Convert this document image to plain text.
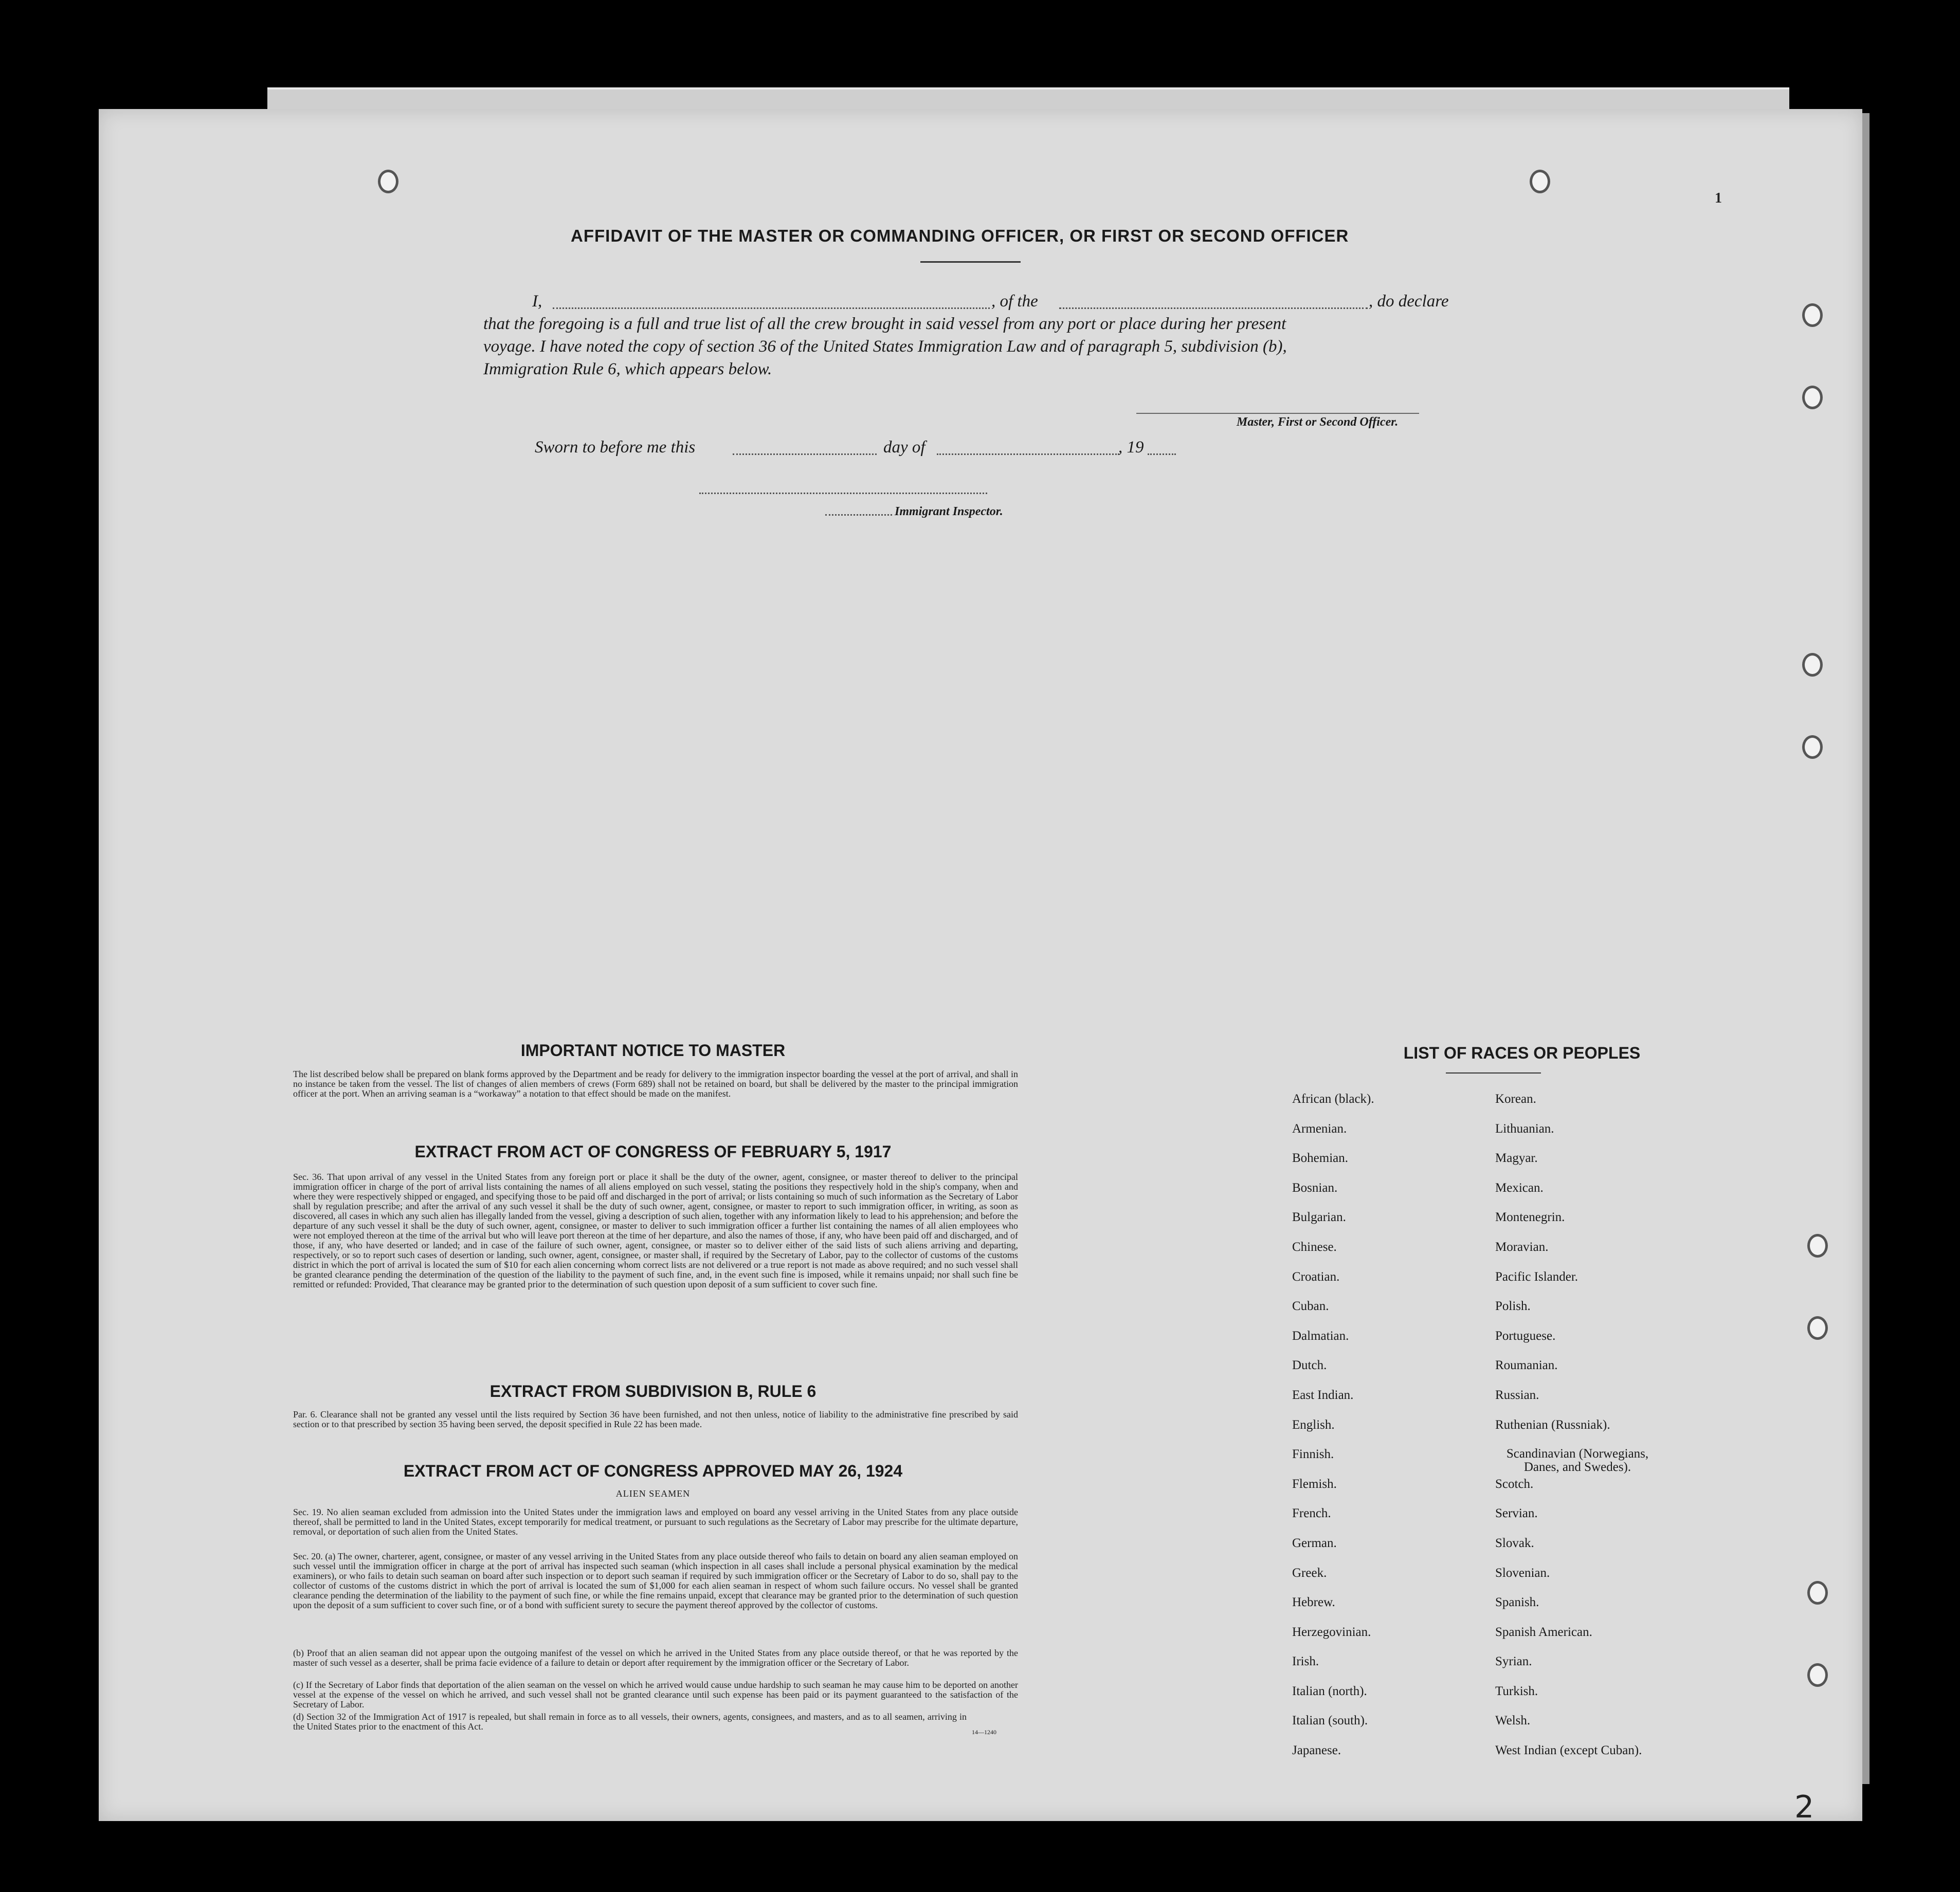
AFFIDAVIT OF THE MASTER OR COMMANDING OFFICER, OR FIRST OR SECOND OFFICER
I,	, of the	, do declare
that the foregoing is a full and true list of all the crew brought in said vessel from any port or place during her present
voyage. I have noted the copy of section 36 of the United States Immigration Law and of paragraph 5, subdivision (b),
Immigration Rule 6, which appears below.
Master, First or Second Officer.
Sworn to before me this	day of	, 19
Immigrant Inspector.
IMPORTANT NOTICE TO MASTER
The list described below shall be prepared on blank forms approved by the Department and be ready for delivery to the immigration inspector boarding the vessel at the port of arrival, and shall in no instance be taken from the vessel. The list of changes of alien members of crews (Form 689) shall not be retained on board, but shall be delivered by the master to the principal immigration officer at the port. When an arriving seaman is a “workaway” a notation to that effect should be made on the manifest.
EXTRACT FROM ACT OF CONGRESS OF FEBRUARY 5, 1917
Sec. 36. That upon arrival of any vessel in the United States from any foreign port or place it shall be the duty of the owner, agent, consignee, or master thereof to deliver to the principal immigration officer in charge of the port of arrival lists containing the names of all aliens employed on such vessel, stating the positions they respectively hold in the ship's company, when and where they were respectively shipped or engaged, and specifying those to be paid off and discharged in the port of arrival; or lists containing so much of such information as the Secretary of Labor shall by regulation prescribe; and after the arrival of any such vessel it shall be the duty of such owner, agent, consignee, or master to report to such immigration officer, in writing, as soon as discovered, all cases in which any such alien has illegally landed from the vessel, giving a description of such alien, together with any information likely to lead to his apprehension; and before the departure of any such vessel it shall be the duty of such owner, agent, consignee, or master to deliver to such immigration officer a further list containing the names of all alien employees who were not employed thereon at the time of the arrival but who will leave port thereon at the time of her departure, and also the names of those, if any, who have been paid off and discharged, and of those, if any, who have deserted or landed; and in case of the failure of such owner, agent, consignee, or master so to deliver either of the said lists of such aliens arriving and departing, respectively, or so to report such cases of desertion or landing, such owner, agent, consignee, or master shall, if required by the Secretary of Labor, pay to the collector of customs of the customs district in which the port of arrival is located the sum of $10 for each alien concerning whom correct lists are not delivered or a true report is not made as above required; and no such vessel shall be granted clearance pending the determination of the question of the liability to the payment of such fine, and, in the event such fine is imposed, while it remains unpaid; nor shall such fine be remitted or refunded: Provided, That clearance may be granted prior to the determination of such question upon deposit of a sum sufficient to cover such fine.
EXTRACT FROM SUBDIVISION B, RULE 6
Par. 6. Clearance shall not be granted any vessel until the lists required by Section 36 have been furnished, and not then unless, notice of liability to the administrative fine prescribed by said section or to that prescribed by section 35 having been served, the deposit specified in Rule 22 has been made.
EXTRACT FROM ACT OF CONGRESS APPROVED MAY 26, 1924
ALIEN SEAMEN
Sec. 19. No alien seaman excluded from admission into the United States under the immigration laws and employed on board any vessel arriving in the United States from any place outside thereof, shall be permitted to land in the United States, except temporarily for medical treatment, or pursuant to such regulations as the Secretary of Labor may prescribe for the ultimate departure, removal, or deportation of such alien from the United States.
Sec. 20. (a) The owner, charterer, agent, consignee, or master of any vessel arriving in the United States from any place outside thereof who fails to detain on board any alien seaman employed on such vessel until the immigration officer in charge at the port of arrival has inspected such seaman (which inspection in all cases shall include a personal physical examination by the medical examiners), or who fails to detain such seaman on board after such inspection or to deport such seaman if required by such immigration officer or the Secretary of Labor to do so, shall pay to the collector of customs of the customs district in which the port of arrival is located the sum of $1,000 for each alien seaman in respect of whom such failure occurs. No vessel shall be granted clearance pending the determination of the liability to the payment of such fine, or while the fine remains unpaid, except that clearance may be granted prior to the determination of such question upon the deposit of a sum sufficient to cover such fine, or of a bond with sufficient surety to secure the payment thereof approved by the collector of customs.
(b) Proof that an alien seaman did not appear upon the outgoing manifest of the vessel on which he arrived in the United States from any place outside thereof, or that he was reported by the master of such vessel as a deserter, shall be prima facie evidence of a failure to detain or deport after requirement by the immigration officer or the Secretary of Labor.
(c) If the Secretary of Labor finds that deportation of the alien seaman on the vessel on which he arrived would cause undue hardship to such seaman he may cause him to be deported on another vessel at the expense of the vessel on which he arrived, and such vessel shall not be granted clearance until such expense has been paid or its payment guaranteed to the satisfaction of the Secretary of Labor.
(d) Section 32 of the Immigration Act of 1917 is repealed, but shall remain in force as to all vessels, their owners, agents, consignees, and masters, and as to all seamen, arriving in the United States prior to the enactment of this Act.
14—1240
LIST OF RACES OR PEOPLES
African (black).
Armenian.
Bohemian.
Bosnian.
Bulgarian.
Chinese.
Croatian.
Cuban.
Dalmatian.
Dutch.
East Indian.
English.
Finnish.
Flemish.
French.
German.
Greek.
Hebrew.
Herzegovinian.
Irish.
Italian (north).
Italian (south).
Japanese.
Korean.
Lithuanian.
Magyar.
Mexican.
Montenegrin.
Moravian.
Pacific Islander.
Polish.
Portuguese.
Roumanian.
Russian.
Ruthenian (Russniak).
Scandinavian (Norwegians, Danes, and Swedes).
Scotch.
Servian.
Slovak.
Slovenian.
Spanish.
Spanish American.
Syrian.
Turkish.
Welsh.
West Indian (except Cuban).
1
2
